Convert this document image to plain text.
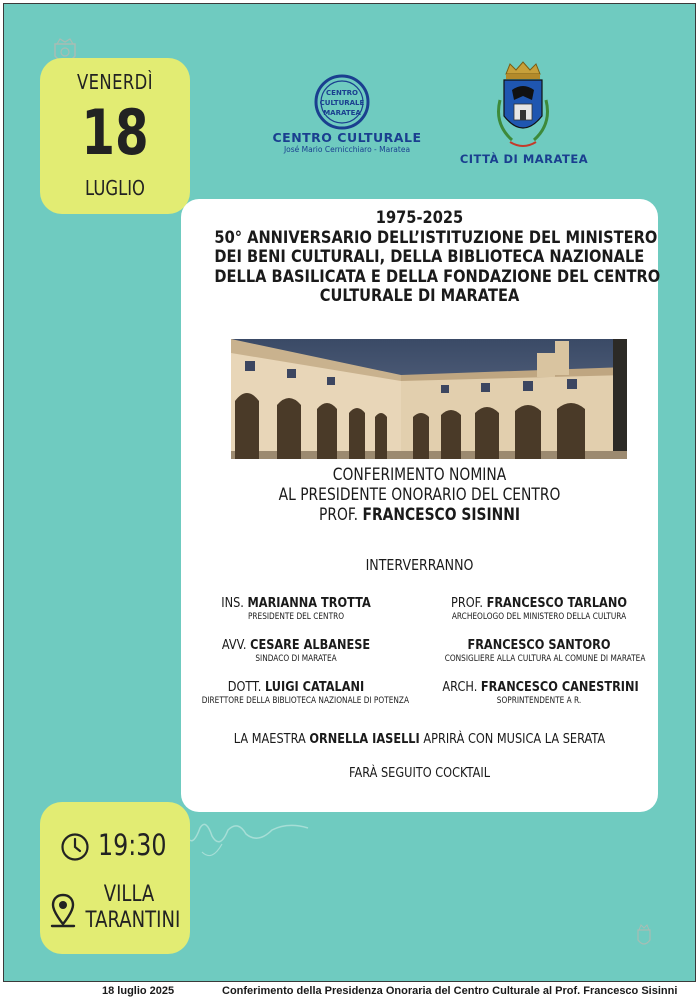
VENERDÌ
18
LUGLIO
CENTRO
CULTURALE
MARATEA
CENTRO CULTURALE
José Mario Cernicchiaro - Maratea
CITTÀ DI MARATEA
1975-2025
50° ANNIVERSARIO DELL’ISTITUZIONE DEL MINISTERO
DEI BENI CULTURALI, DELLA BIBLIOTECA NAZIONALE
DELLA BASILICATA E DELLA FONDAZIONE DEL CENTRO
CULTURALE DI MARATEA
CONFERIMENTO NOMINA
AL PRESIDENTE ONORARIO DEL CENTRO
PROF. FRANCESCO SISINNI
INTERVERRANNO
INS. MARIANNA TROTTA
PRESIDENTE DEL CENTRO
PROF. FRANCESCO TARLANO
ARCHEOLOGO DEL MINISTERO DELLA CULTURA
AVV. CESARE ALBANESE
SINDACO DI MARATEA
FRANCESCO SANTORO
CONSIGLIERE ALLA CULTURA AL COMUNE DI MARATEA
DOTT. LUIGI CATALANI
DIRETTORE DELLA BIBLIOTECA NAZIONALE DI POTENZA
ARCH. FRANCESCO CANESTRINI
SOPRINTENDENTE A R.
LA MAESTRA ORNELLA IASELLI APRIRÀ CON MUSICA LA SERATA
FARÀ SEGUITO COCKTAIL
19:30
VILLA
TARANTINI
18 luglio 2025	Conferimento della Presidenza Onoraria del Centro Culturale al Prof. Francesco Sisinni
